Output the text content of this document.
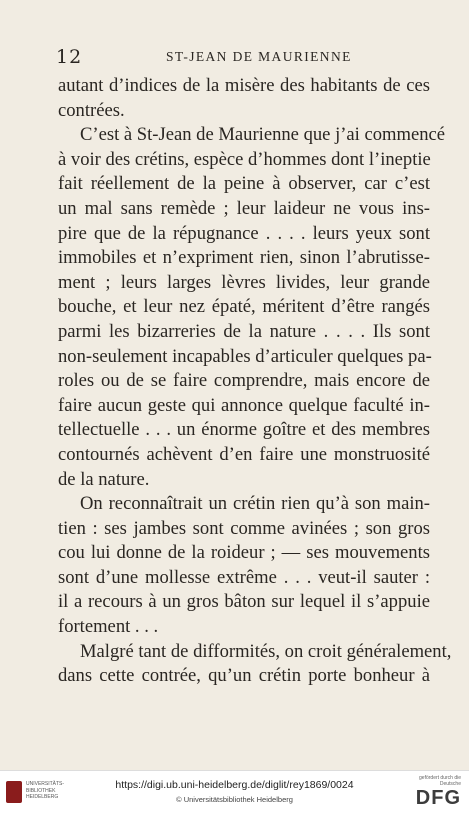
12	ST-JEAN DE MAURIENNE
autant d’indices de la misère des habitants de ces
contrées.
C’est à St-Jean de Maurienne que j’ai commencé
à voir des crétins, espèce d’hommes dont l’ineptie
fait réellement de la peine à observer, car c’est
un mal sans remède ; leur laideur ne vous ins-
pire que de la répugnance . . . . leurs yeux sont
immobiles et n’expriment rien, sinon l’abrutisse-
ment ; leurs larges lèvres livides, leur grande
bouche, et leur nez épaté, méritent d’être rangés
parmi les bizarreries de la nature . . . . Ils sont
non-seulement incapables d’articuler quelques pa-
roles ou de se faire comprendre, mais encore de
faire aucun geste qui annonce quelque faculté in-
tellectuelle . . . un énorme goître et des membres
contournés achèvent d’en faire une monstruosité
de la nature.
On reconnaîtrait un crétin rien qu’à son main-
tien : ses jambes sont comme avinées ; son gros
cou lui donne de la roideur ; — ses mouvements
sont d’une mollesse extrême . . . veut-il sauter :
il a recours à un gros bâton sur lequel il s’appuie
fortement . . .
Malgré tant de difformités, on croit généralement,
dans cette contrée, qu’un crétin porte bonheur à
UNIVERSITÄTS-
BIBLIOTHEK
HEIDELBERG
https://digi.ub.uni-heidelberg.de/diglit/rey1869/0024
© Universitätsbibliothek Heidelberg
gefördert durch die
Deutsche
DFG
